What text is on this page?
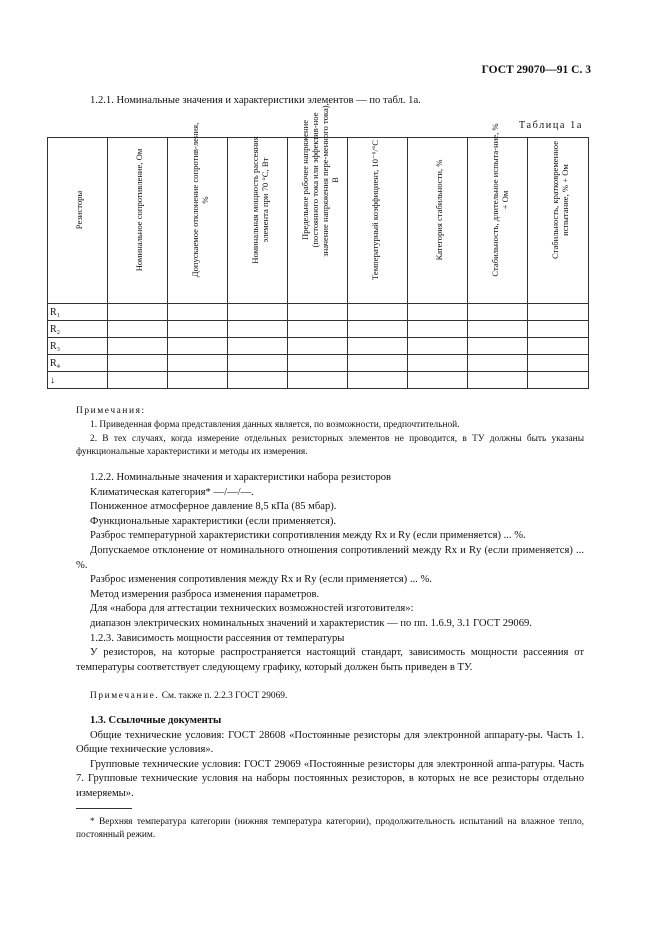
ГОСТ 29070—91 С. 3

1.2.1. Номинальные значения и характеристики элементов — по табл. 1а.

Таблица 1а
Резисторы	Номинальное сопротивление, Ом	Допускаемое отклонение сопротив-ления, %	Номинальная мощность рассеяния элемента при 70 °С, Вт	Предельное рабочее напряжение (постоянного тока или эффектив-ное значение напряжения пере-менного тока), В	Температурный коэффициент, 10⁻⁶/°С	Категория стабильности, %	Стабильность, длительное испыта-ние, % + Ом	Стабильность, кратковременное испытание, % + Ом

R₁								
R₂								
R₃								
R₄								
↓								
Примечания:
1. Приведенная форма представления данных является, по возможности, предпочтительной.
2. В тех случаях, когда измерение отдельных резисторных элементов не проводится, в ТУ должны быть указаны функциональные характеристики и методы их измерения.

1.2.2. Номинальные значения и характеристики набора резисторов

Климатическая категория* —/—/—.

Пониженное атмосферное давление 8,5 кПа (85 мбар).

Функциональные характеристики (если применяется).

Разброс температурной характеристики сопротивления между Rх и Rу (если применяется) ... %.

Допускаемое отклонение от номинального отношения сопротивлений между Rх и Rу (если применяется) ... %.

Разброс изменения сопротивления между Rх и Rу (если применяется) ... %.

Метод измерения разброса изменения параметров.

Для «набора для аттестации технических возможностей изготовителя»:

диапазон электрических номинальных значений и характеристик — по пп. 1.6.9, 3.1 ГОСТ 29069.

1.2.3. Зависимость мощности рассеяния от температуры

У резисторов, на которые распространяется настоящий стандарт, зависимость мощности рассеяния от температуры соответствует следующему графику, который должен быть приведен в ТУ.

Примечание. См. также п. 2.2.3 ГОСТ 29069.

1.3. Ссылочные документы

Общие технические условия: ГОСТ 28608 «Постоянные резисторы для электронной аппарату-ры. Часть 1. Общие технические условия».

Групповые технические условия: ГОСТ 29069 «Постоянные резисторы для электронной аппа-ратуры. Часть 7. Групповые технические условия на наборы постоянных резисторов, в которых не все резисторы отдельно измеряемы».

* Верхняя температура категории (нижняя температура категории), продолжительность испытаний на влажное тепло, постоянный режим.
